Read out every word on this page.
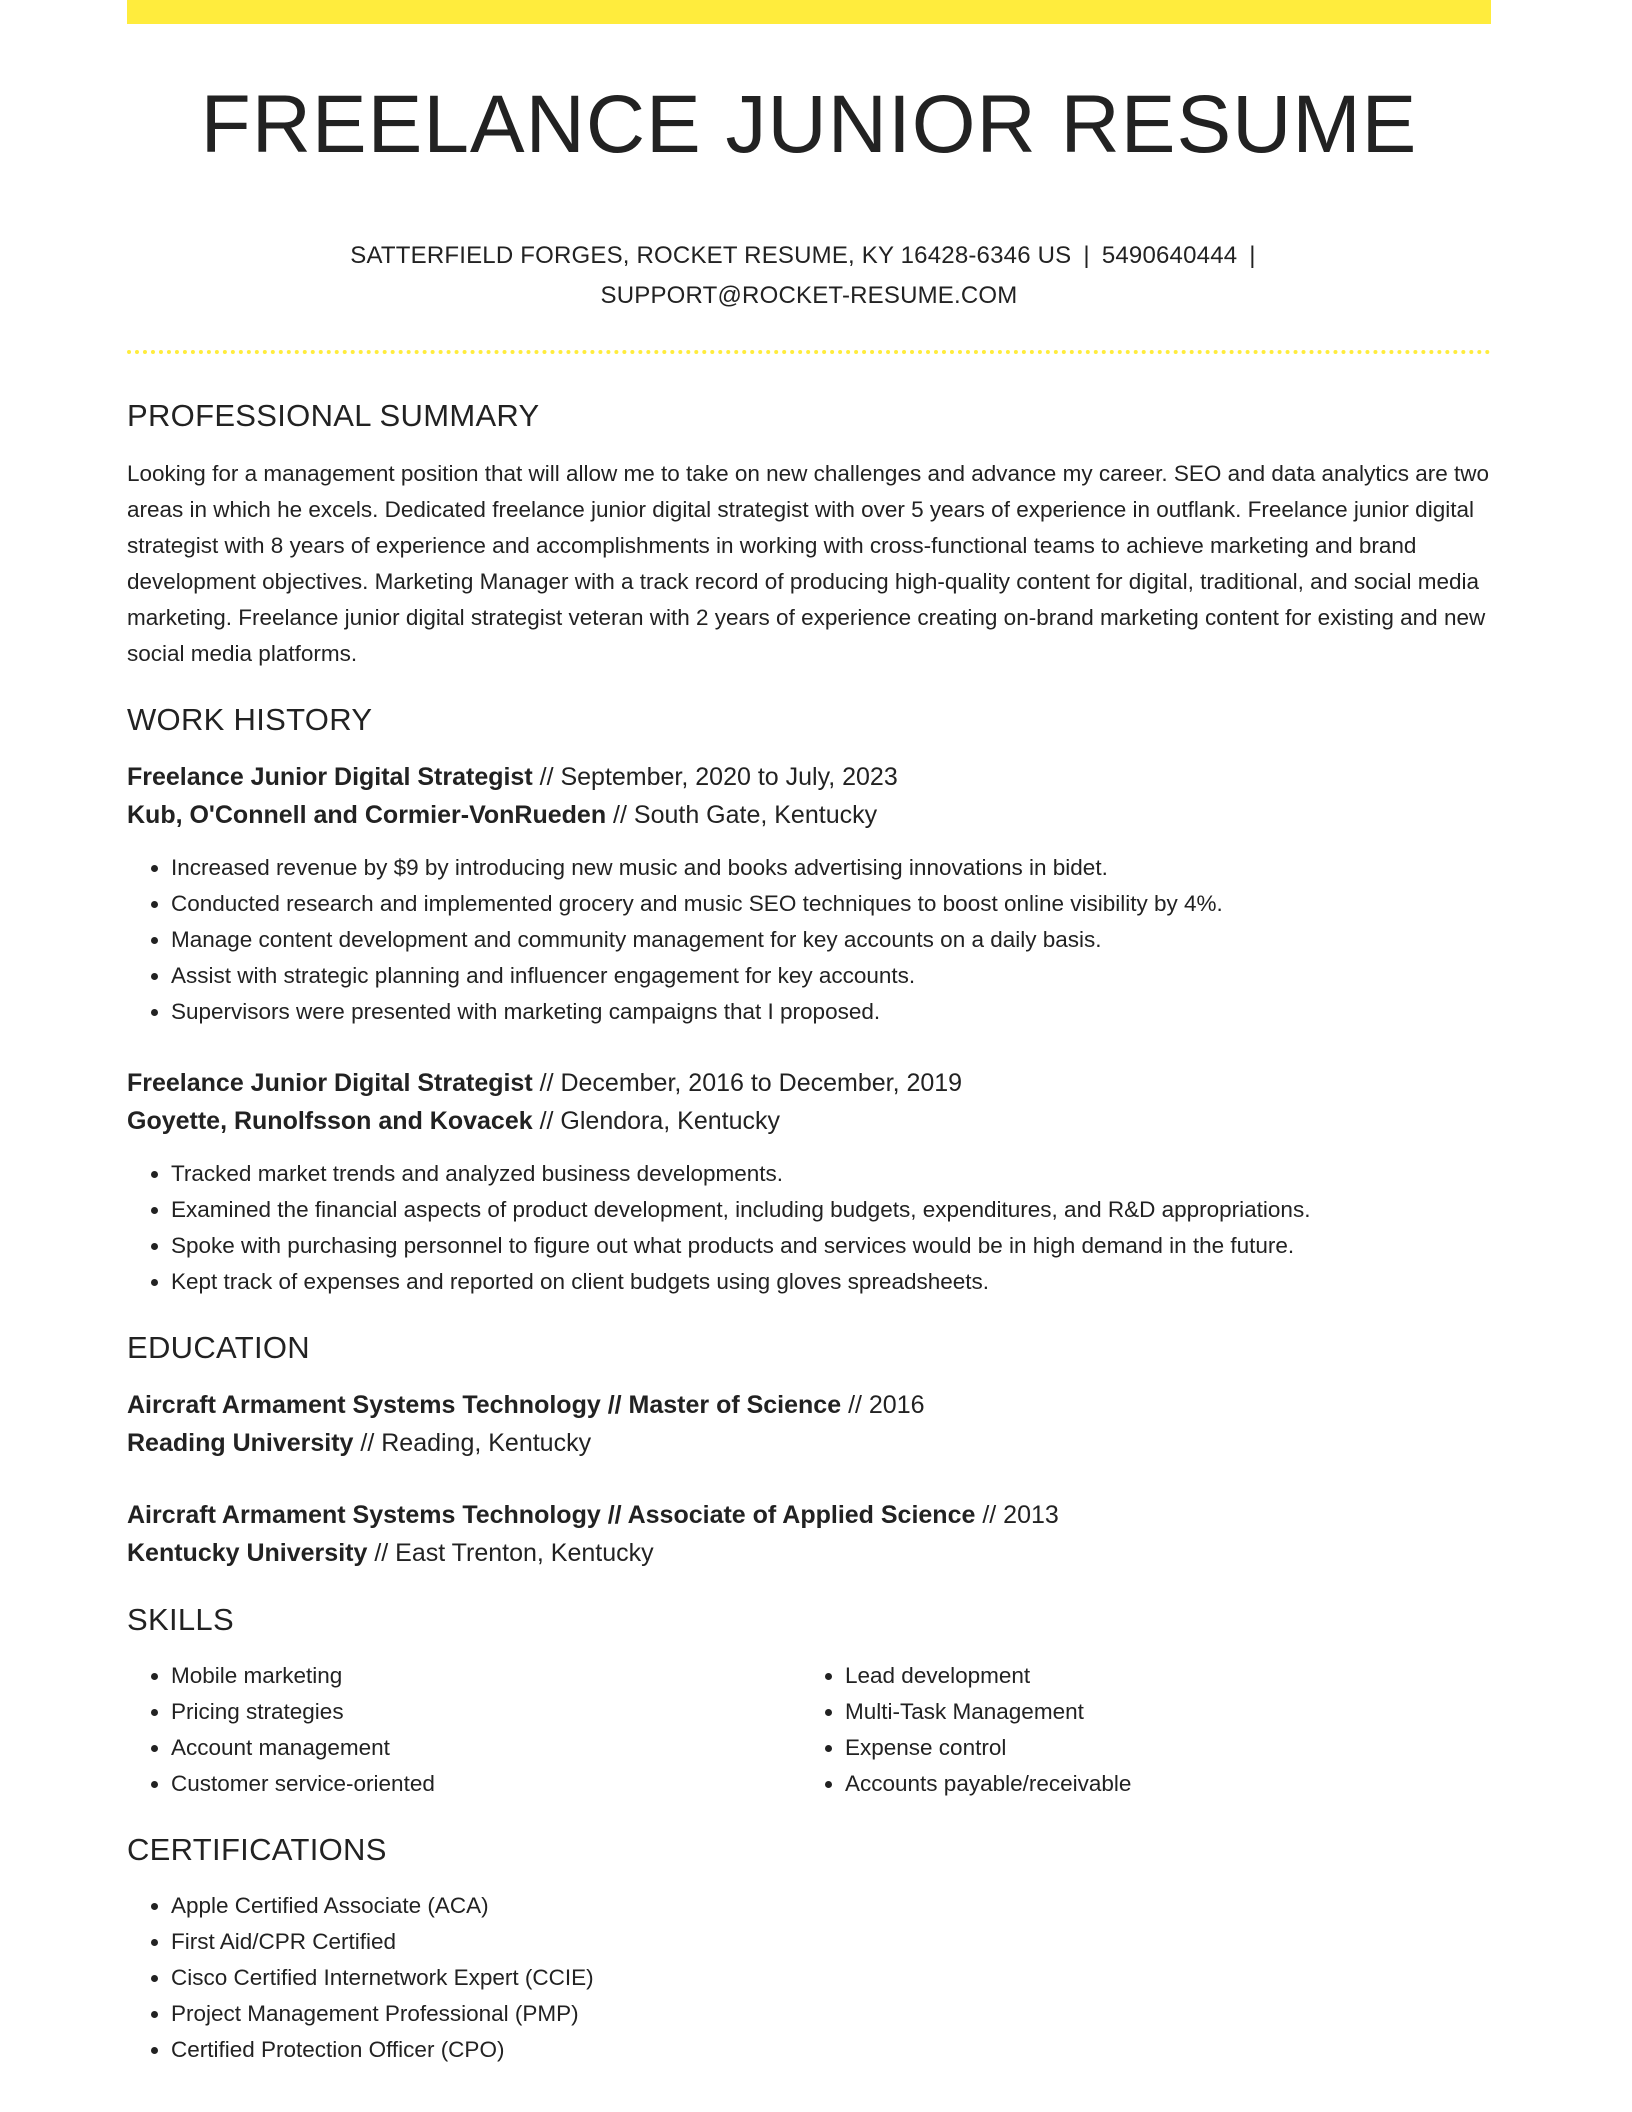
FREELANCE JUNIOR RESUME
SATTERFIELD FORGES, ROCKET RESUME, KY 16428-6346 US | 5490640444 |
SUPPORT@ROCKET-RESUME.COM
PROFESSIONAL SUMMARY

Looking for a management position that will allow me to take on new challenges and advance my career. SEO and data analytics are two areas in which he excels. Dedicated freelance junior digital strategist with over 5 years of experience in outflank. Freelance junior digital strategist with 8 years of experience and accomplishments in working with cross-functional teams to achieve marketing and brand development objectives. Marketing Manager with a track record of producing high-quality content for digital, traditional, and social media marketing. Freelance junior digital strategist veteran with 2 years of experience creating on-brand marketing content for existing and new social media platforms.

WORK HISTORY
Freelance Junior Digital Strategist // September, 2020 to July, 2023
Kub, O'Connell and Cormier-VonRueden // South Gate, Kentucky
• Increased revenue by $9 by introducing new music and books advertising innovations in bidet.
• Conducted research and implemented grocery and music SEO techniques to boost online visibility by 4%.
• Manage content development and community management for key accounts on a daily basis.
• Assist with strategic planning and influencer engagement for key accounts.
• Supervisors were presented with marketing campaigns that I proposed.
Freelance Junior Digital Strategist // December, 2016 to December, 2019
Goyette, Runolfsson and Kovacek // Glendora, Kentucky
• Tracked market trends and analyzed business developments.
• Examined the financial aspects of product development, including budgets, expenditures, and R&D appropriations.
• Spoke with purchasing personnel to figure out what products and services would be in high demand in the future.
• Kept track of expenses and reported on client budgets using gloves spreadsheets.
EDUCATION
Aircraft Armament Systems Technology // Master of Science // 2016
Reading University // Reading, Kentucky
Aircraft Armament Systems Technology // Associate of Applied Science // 2013
Kentucky University // East Trenton, Kentucky
SKILLS
• Mobile marketing
• Pricing strategies
• Account management
• Customer service-oriented
• Lead development
• Multi-Task Management
• Expense control
• Accounts payable/receivable
CERTIFICATIONS
• Apple Certified Associate (ACA)
• First Aid/CPR Certified
• Cisco Certified Internetwork Expert (CCIE)
• Project Management Professional (PMP)
• Certified Protection Officer (CPO)
